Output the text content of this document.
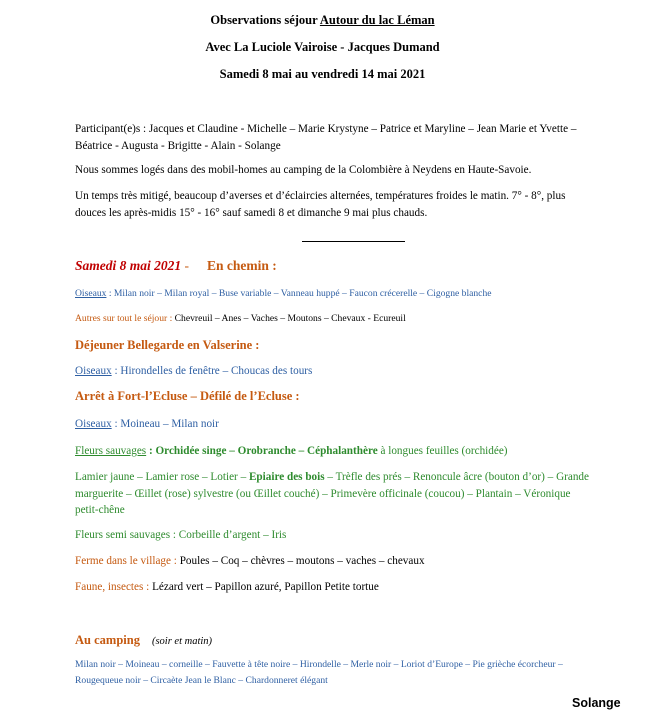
Observations séjour Autour du lac Léman
Avec La Luciole Vairoise - Jacques Dumand
Samedi 8 mai au vendredi 14 mai 2021
Participant(e)s : Jacques et Claudine - Michelle – Marie Krystyne – Patrice et Maryline – Jean Marie et Yvette – Béatrice - Augusta - Brigitte - Alain - Solange
Nous sommes logés dans des mobil-homes au camping de la Colombière à Neydens en Haute-Savoie.
Un temps très mitigé, beaucoup d’averses et d’éclaircies alternées, températures froides le matin. 7° - 8°, plus douces les après-midis 15° - 16° sauf samedi 8 et dimanche 9 mai plus chauds.
Samedi 8 mai 2021 - En chemin :
Oiseaux : Milan noir – Milan royal – Buse variable – Vanneau huppé – Faucon crécerelle – Cigogne blanche
Autres sur tout le séjour : Chevreuil – Anes – Vaches – Moutons – Chevaux - Ecureuil
Déjeuner Bellegarde en Valserine :
Oiseaux : Hirondelles de fenêtre – Choucas des tours
Arrêt à Fort-l’Ecluse – Défilé de l’Ecluse :
Oiseaux : Moineau – Milan noir
Fleurs sauvages : Orchidée singe – Orobranche – Céphalanthère à longues feuilles (orchidée)
Lamier jaune – Lamier rose – Lotier – Epiaire des bois – Trèfle des prés – Renoncule âcre (bouton d’or) – Grande marguerite – Œillet (rose) sylvestre (ou Œillet couché) – Primevère officinale (coucou) – Plantain – Véronique petit-chêne
Fleurs semi sauvages : Corbeille d’argent – Iris
Ferme dans le village : Poules – Coq – chèvres – moutons – vaches – chevaux
Faune, insectes : Lézard vert – Papillon azuré, Papillon Petite tortue
Au camping (soir et matin)
Milan noir – Moineau – corneille – Fauvette à tête noire – Hirondelle – Merle noir – Loriot d’Europe – Pie grièche écorcheur – Rougequeue noir – Circaète Jean le Blanc – Chardonneret élégant
Solange
